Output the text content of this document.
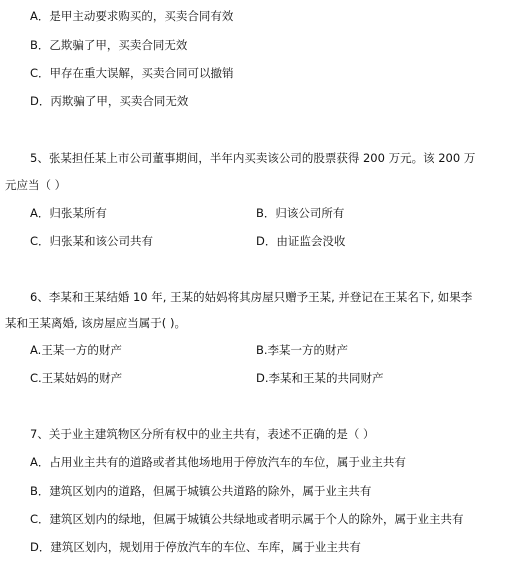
A．是甲主动要求购买的，买卖合同有效
B．乙欺骗了甲，买卖合同无效
C．甲存在重大误解，买卖合同可以撤销
D．丙欺骗了甲，买卖合同无效
5、张某担任某上市公司董事期间，半年内买卖该公司的股票获得 200 万元。该 200 万
元应当（ ）
A．归张某所有	B．归该公司所有
C．归张某和该公司共有	D．由证监会没收
6、李某和王某结婚 10 年, 王某的姑妈将其房屋只赠予王某, 并登记在王某名下, 如果李
某和王某离婚, 该房屋应当属于( )。
A.王某一方的财产	B.李某一方的财产
C.王某姑妈的财产	D.李某和王某的共同财产
7、关于业主建筑物区分所有权中的业主共有，表述不正确的是（ ）
A．占用业主共有的道路或者其他场地用于停放汽车的车位，属于业主共有
B．建筑区划内的道路，但属于城镇公共道路的除外，属于业主共有
C．建筑区划内的绿地，但属于城镇公共绿地或者明示属于个人的除外，属于业主共有
D．建筑区划内，规划用于停放汽车的车位、车库，属于业主共有
